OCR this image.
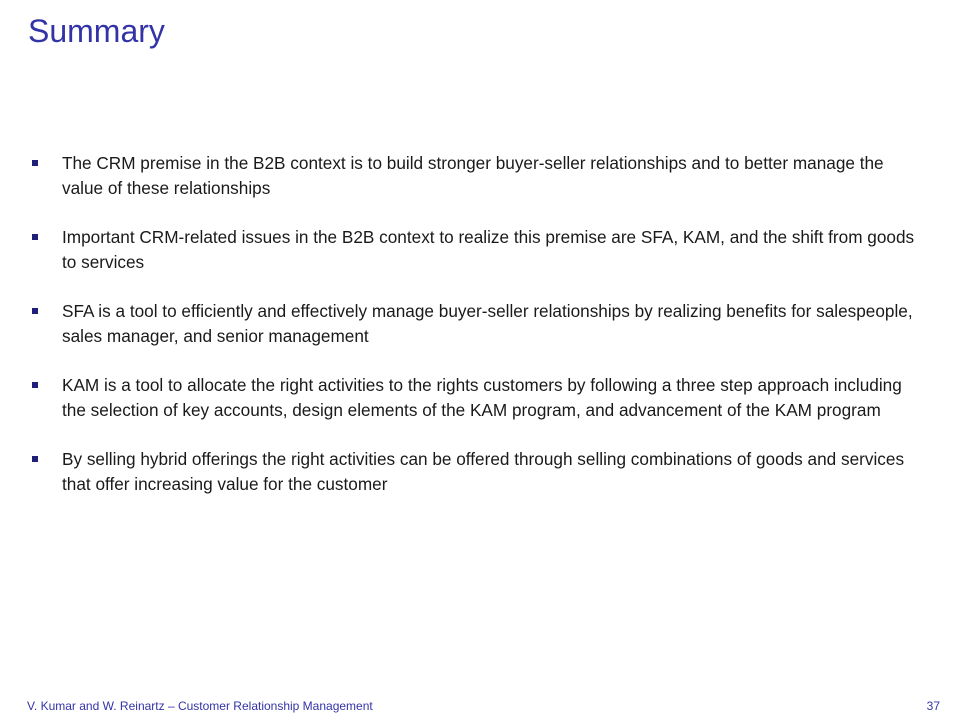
Summary
The CRM premise in the B2B context is to build stronger buyer-seller relationships and to better manage the value of these relationships
Important CRM-related issues in the B2B context to realize this premise are SFA, KAM, and the shift from goods to services
SFA is a tool to efficiently and effectively manage buyer-seller relationships by realizing benefits for salespeople, sales manager, and senior management
KAM is a tool to allocate the right activities to the rights customers by following a three step approach including the selection of key accounts, design elements of the KAM program, and advancement of the KAM program
By selling hybrid offerings the right activities can be offered through selling combinations of goods and services that offer increasing value for the customer
V. Kumar and W. Reinartz – Customer Relationship Management	37
